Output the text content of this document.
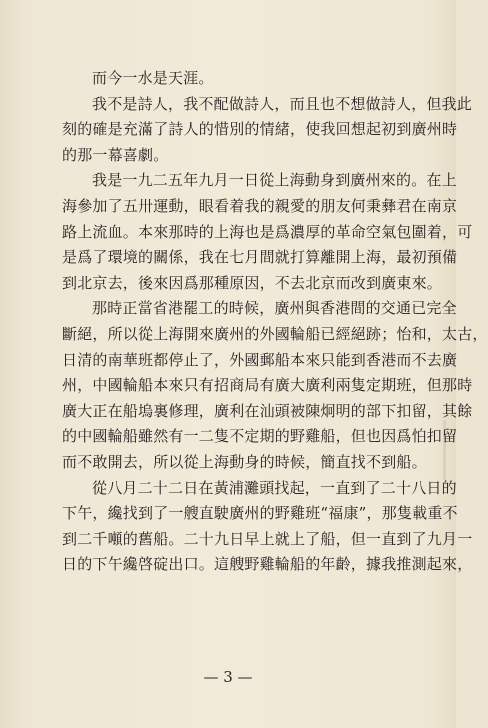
而今一水是天涯。
我不是詩人，我不配做詩人，而且也不想做詩人，但我此
刻的確是充滿了詩人的惜別的情緒，使我回想起初到廣州時
的那一幕喜劇。
我是一九二五年九月一日從上海動身到廣州來的。在上
海參加了五卅運動，眼看着我的親愛的朋友何秉彝君在南京
路上流血。本來那時的上海也是爲濃厚的革命空氣包圍着，可
是爲了環境的關係，我在七月間就打算離開上海，最初預備
到北京去，後來因爲那種原因，不去北京而改到廣東來。
那時正當省港罷工的時候，廣州與香港間的交通已完全
斷絕，所以從上海開來廣州的外國輪船已經絕跡；怡和，太古，
日清的南華班都停止了，外國郵船本來只能到香港而不去廣
州，中國輪船本來只有招商局有廣大廣利兩隻定期班，但那時
廣大正在船塢裏修理，廣利在汕頭被陳炯明的部下扣留，其餘
的中國輪船雖然有一二隻不定期的野雞船，但也因爲怕扣留
而不敢開去，所以從上海動身的時候，簡直找不到船。
從八月二十二日在黃浦灘頭找起，一直到了二十八日的
下午，纔找到了一艘直駛廣州的野雞班“福康”，那隻載重不
到二千噸的舊船。二十九日早上就上了船，但一直到了九月一
日的下午纔啓碇出口。這艘野雞輪船的年齡，據我推測起來，
— 3 —
